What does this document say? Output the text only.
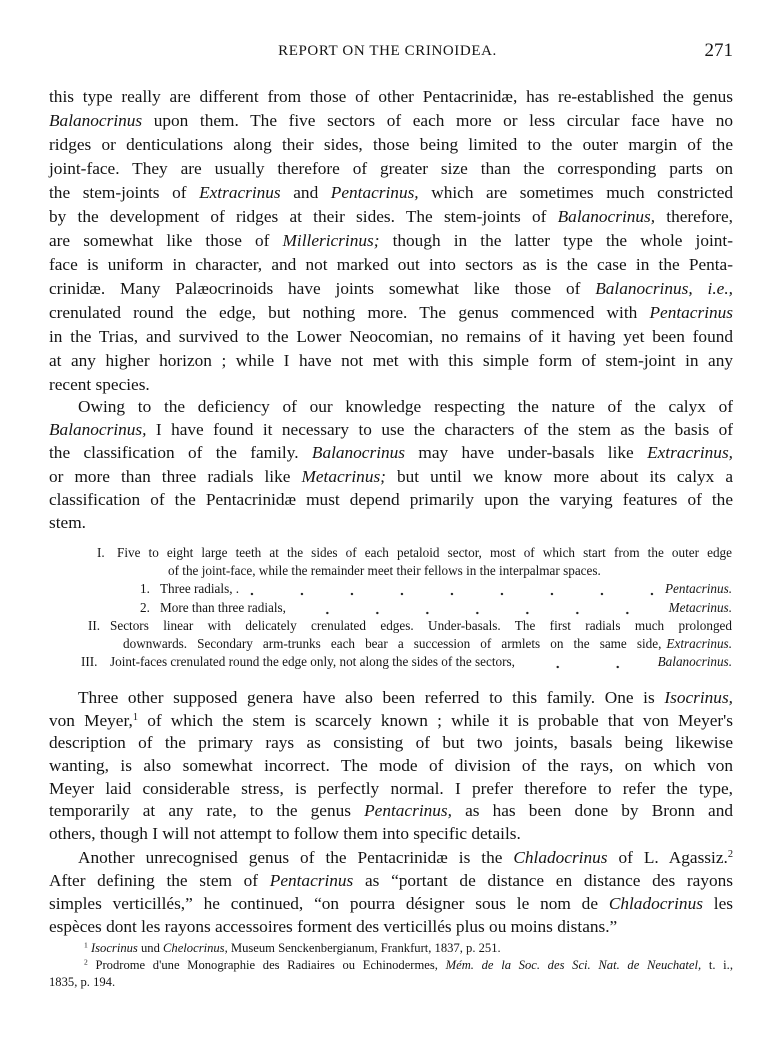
REPORT ON THE CRINOIDEA.	271
this type really are different from those of other Pentacrinidæ, has re-established the genus
Balanocrinus upon them. The five sectors of each more or less circular face have no
ridges or denticulations along their sides, those being limited to the outer margin of the
joint-face. They are usually therefore of greater size than the corresponding parts on
the stem-joints of Extracrinus and Pentacrinus, which are sometimes much constricted
by the development of ridges at their sides. The stem-joints of Balanocrinus, therefore,
are somewhat like those of Millericrinus; though in the latter type the whole joint-
face is uniform in character, and not marked out into sectors as is the case in the Penta-
crinidæ. Many Palæocrinoids have joints somewhat like those of Balanocrinus, i.e.,
crenulated round the edge, but nothing more. The genus commenced with Pentacrinus
in the Trias, and survived to the Lower Neocomian, no remains of it having yet been found
at any higher horizon ; while I have not met with this simple form of stem-joint in any
recent species.
Owing to the deficiency of our knowledge respecting the nature of the calyx of
Balanocrinus, I have found it necessary to use the characters of the stem as the basis of
the classification of the family. Balanocrinus may have under-basals like Extracrinus,
or more than three radials like Metacrinus; but until we know more about its calyx a
classification of the Pentacrinidæ must depend primarily upon the varying features of the
stem.
I. Five to eight large teeth at the sides of each petaloid sector, most of which start from the outer edge
of the joint-face, while the remainder meet their fellows in the interpalmar spaces.
1. Three radials, .	Pentacrinus.
2. More than three radials,	Metacrinus.
II. Sectors linear with delicately crenulated edges. Under-basals. The first radials much prolonged
downwards. Secondary arm-trunks each bear a succession of armlets on the same side, Extracrinus.
III. Joint-faces crenulated round the edge only, not along the sides of the sectors,	Balanocrinus.
Three other supposed genera have also been referred to this family. One is Isocrinus,
von Meyer,$^1$ of which the stem is scarcely known ; while it is probable that von Meyer's
description of the primary rays as consisting of but two joints, basals being likewise
wanting, is also somewhat incorrect. The mode of division of the rays, on which von
Meyer laid considerable stress, is perfectly normal. I prefer therefore to refer the type,
temporarily at any rate, to the genus Pentacrinus, as has been done by Bronn and
others, though I will not attempt to follow them into specific details.
Another unrecognised genus of the Pentacrinidæ is the Chladocrinus of L. Agassiz.$^2$
After defining the stem of Pentacrinus as “portant de distance en distance des rayons
simples verticillés,” he continued, “on pourra désigner sous le nom de Chladocrinus les
espèces dont les rayons accessoires forment des verticillés plus ou moins distans.”
$^1$ Isocrinus und Chelocrinus, Museum Senckenbergianum, Frankfurt, 1837, p. 251.
$^2$ Prodrome d'une Monographie des Radiaires ou Echinodermes, Mém. de la Soc. des Sci. Nat. de Neuchatel, t. i.,
1835, p. 194.
